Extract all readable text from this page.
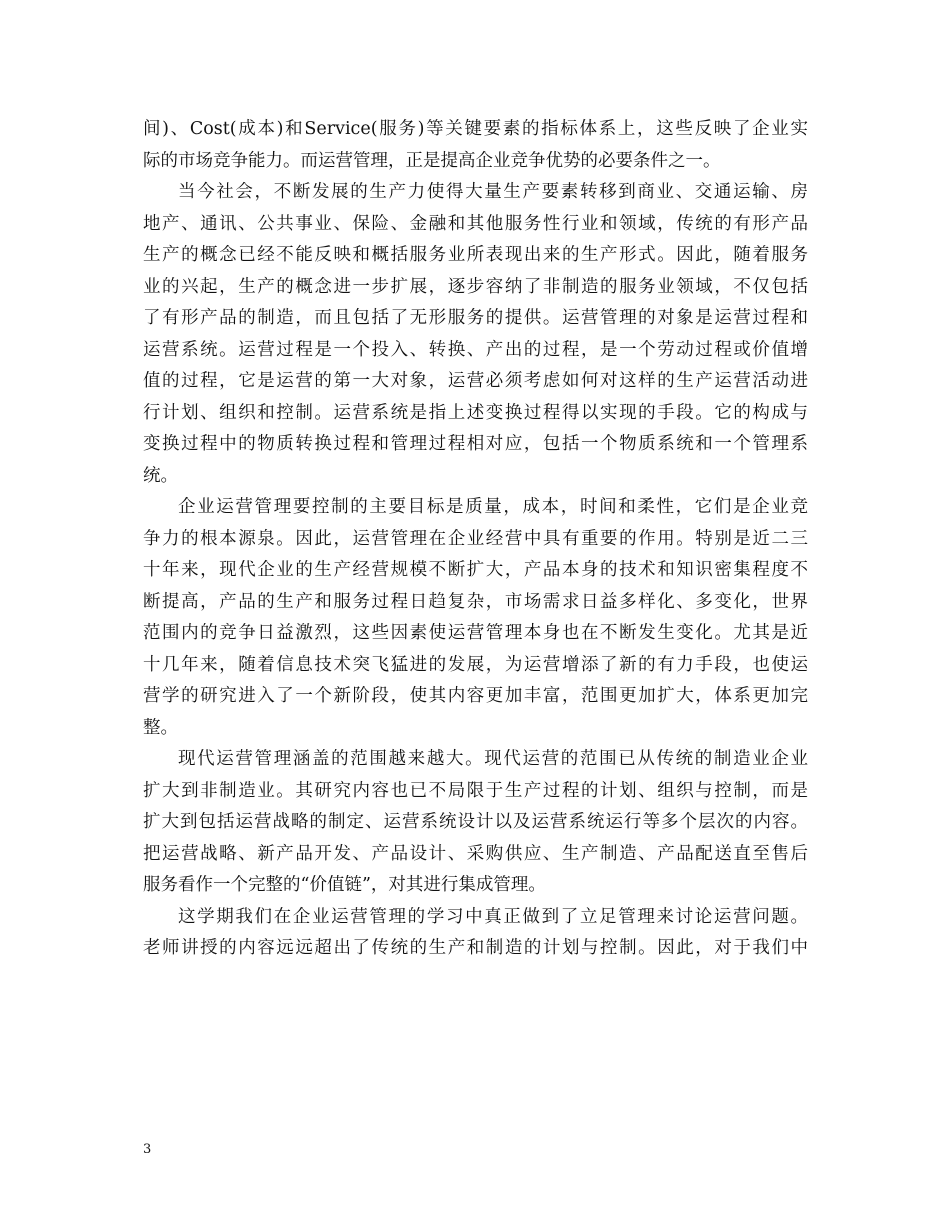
间)、Cost(成本)和Service(服务)等关键要素的指标体系上，这些反映了企业实
际的市场竞争能力。而运营管理，正是提高企业竞争优势的必要条件之一。
当今社会，不断发展的生产力使得大量生产要素转移到商业、交通运输、房
地产、通讯、公共事业、保险、金融和其他服务性行业和领域，传统的有形产品
生产的概念已经不能反映和概括服务业所表现出来的生产形式。因此，随着服务
业的兴起，生产的概念进一步扩展，逐步容纳了非制造的服务业领域，不仅包括
了有形产品的制造，而且包括了无形服务的提供。运营管理的对象是运营过程和
运营系统。运营过程是一个投入、转换、产出的过程，是一个劳动过程或价值增
值的过程，它是运营的第一大对象，运营必须考虑如何对这样的生产运营活动进
行计划、组织和控制。运营系统是指上述变换过程得以实现的手段。它的构成与
变换过程中的物质转换过程和管理过程相对应，包括一个物质系统和一个管理系
统。
企业运营管理要控制的主要目标是质量，成本，时间和柔性，它们是企业竞
争力的根本源泉。因此，运营管理在企业经营中具有重要的作用。特别是近二三
十年来，现代企业的生产经营规模不断扩大，产品本身的技术和知识密集程度不
断提高，产品的生产和服务过程日趋复杂，市场需求日益多样化、多变化，世界
范围内的竞争日益激烈，这些因素使运营管理本身也在不断发生变化。尤其是近
十几年来，随着信息技术突飞猛进的发展，为运营增添了新的有力手段，也使运
营学的研究进入了一个新阶段，使其内容更加丰富，范围更加扩大，体系更加完
整。
现代运营管理涵盖的范围越来越大。现代运营的范围已从传统的制造业企业
扩大到非制造业。其研究内容也已不局限于生产过程的计划、组织与控制，而是
扩大到包括运营战略的制定、运营系统设计以及运营系统运行等多个层次的内容。
把运营战略、新产品开发、产品设计、采购供应、生产制造、产品配送直至售后
服务看作一个完整的“价值链”，对其进行集成管理。
这学期我们在企业运营管理的学习中真正做到了立足管理来讨论运营问题。
老师讲授的内容远远超出了传统的生产和制造的计划与控制。因此，对于我们中
3
